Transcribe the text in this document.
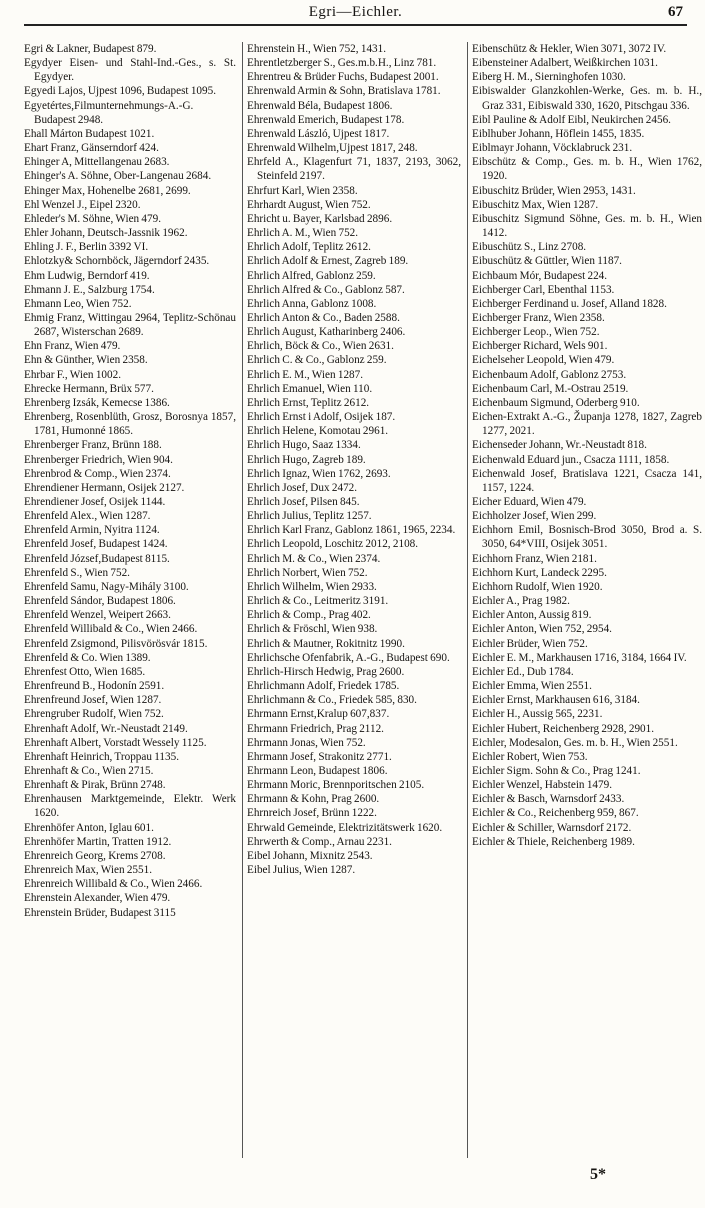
Egri—Eichler.	67
Egri & Lakner, Budapest 879.
Egydyer Eisen- und Stahl-Ind.-Ges., s. St. Egydyer.
Egyedi Lajos, Ujpest 1096, Budapest 1095.
Egyetértes,Filmunternehmungs-A.-G. Budapest 2948.
Ehall Márton Budapest 1021.
Ehart Franz, Gänserndorf 424.
Ehinger A, Mittellangenau 2683.
Ehinger's A. Söhne, Ober-Langenau 2684.
Ehinger Max, Hohenelbe 2681, 2699.
Ehl Wenzel J., Eipel 2320.
Ehleder's M. Söhne, Wien 479.
Ehler Johann, Deutsch-Jassnik 1962.
Ehling J. F., Berlin 3392 VI.
Ehlotzky& Schornböck, Jägerndorf 2435.
Ehm Ludwig, Berndorf 419.
Ehmann J. E., Salzburg 1754.
Ehmann Leo, Wien 752.
Ehmig Franz, Wittingau 2964, Teplitz-Schönau 2687, Wisterschan 2689.
Ehn Franz, Wien 479.
Ehn & Günther, Wien 2358.
Ehrbar F., Wien 1002.
Ehrecke Hermann, Brüx 577.
Ehrenberg Izsák, Kemecse 1386.
Ehrenberg, Rosenblüth, Grosz, Borosnya 1857, 1781, Humonné 1865.
Ehrenberger Franz, Brünn 188.
Ehrenberger Friedrich, Wien 904.
Ehrenbrod & Comp., Wien 2374.
Ehrendiener Hermann, Osijek 2127.
Ehrendiener Josef, Osijek 1144.
Ehrenfeld Alex., Wien 1287.
Ehrenfeld Armin, Nyitra 1124.
Ehrenfeld Josef, Budapest 1424.
Ehrenfeld József,Budapest 8115.
Ehrenfeld S., Wien 752.
Ehrenfeld Samu, Nagy-Mihály 3100.
Ehrenfeld Sándor, Budapest 1806.
Ehrenfeld Wenzel, Weipert 2663.
Ehrenfeld Willibald & Co., Wien 2466.
Ehrenfeld Zsigmond, Pilisvörösvár 1815.
Ehrenfeld & Co. Wien 1389.
Ehrenfest Otto, Wien 1685.
Ehrenfreund B., Hodonín 2591.
Ehrenfreund Josef, Wien 1287.
Ehrengruber Rudolf, Wien 752.
Ehrenhaft Adolf, Wr.-Neustadt 2149.
Ehrenhaft Albert, Vorstadt Wessely 1125.
Ehrenhaft Heinrich, Troppau 1135.
Ehrenhaft & Co., Wien 2715.
Ehrenhaft & Pirak, Brünn 2748.
Ehrenhausen Marktgemeinde, Elektr. Werk 1620.
Ehrenhöfer Anton, Iglau 601.
Ehrenhöfer Martin, Tratten 1912.
Ehrenreich Georg, Krems 2708.
Ehrenreich Max, Wien 2551.
Ehrenreich Willibald & Co., Wien 2466.
Ehrenstein Alexander, Wien 479.
Ehrenstein Brüder, Budapest 3115
Ehrenstein H., Wien 752, 1431.
Ehrentletzberger S., Ges.m.b.H., Linz 781.
Ehrentreu & Brüder Fuchs, Budapest 2001.
Ehrenwald Armin & Sohn, Bratislava 1781.
Ehrenwald Béla, Budapest 1806.
Ehrenwald Emerich, Budapest 178.
Ehrenwald László, Ujpest 1817.
Ehrenwald Wilhelm,Ujpest 1817, 248.
Ehrfeld A., Klagenfurt 71, 1837, 2193, 3062, Steinfeld 2197.
Ehrfurt Karl, Wien 2358.
Ehrhardt August, Wien 752.
Ehricht u. Bayer, Karlsbad 2896.
Ehrlich A. M., Wien 752.
Ehrlich Adolf, Teplitz 2612.
Ehrlich Adolf & Ernest, Zagreb 189.
Ehrlich Alfred, Gablonz 259.
Ehrlich Alfred & Co., Gablonz 587.
Ehrlich Anna, Gablonz 1008.
Ehrlich Anton & Co., Baden 2588.
Ehrlich August, Katharinberg 2406.
Ehrlich, Böck & Co., Wien 2631.
Ehrlich C. & Co., Gablonz 259.
Ehrlich E. M., Wien 1287.
Ehrlich Emanuel, Wien 110.
Ehrlich Ernst, Teplitz 2612.
Ehrlich Ernst i Adolf, Osijek 187.
Ehrlich Helene, Komotau 2961.
Ehrlich Hugo, Saaz 1334.
Ehrlich Hugo, Zagreb 189.
Ehrlich Ignaz, Wien 1762, 2693.
Ehrlich Josef, Dux 2472.
Ehrlich Josef, Pilsen 845.
Ehrlich Julius, Teplitz 1257.
Ehrlich Karl Franz, Gablonz 1861, 1965, 2234.
Ehrlich Leopold, Loschitz 2012, 2108.
Ehrlich M. & Co., Wien 2374.
Ehrlich Norbert, Wien 752.
Ehrlich Wilhelm, Wien 2933.
Ehrlich & Co., Leitmeritz 3191.
Ehrlich & Comp., Prag 402.
Ehrlich & Fröschl, Wien 938.
Ehrlich & Mautner, Rokitnitz 1990.
Ehrlichsche Ofenfabrik, A.-G., Budapest 690.
Ehrlich-Hirsch Hedwig, Prag 2600.
Ehrlichmann Adolf, Friedek 1785.
Ehrlichmann & Co., Friedek 585, 830.
Ehrmann Ernst,Kralup 607,837.
Ehrmann Friedrich, Prag 2112.
Ehrmann Jonas, Wien 752.
Ehrmann Josef, Strakonitz 2771.
Ehrmann Leon, Budapest 1806.
Ehrmann Moric, Brennporitschen 2105.
Ehrmann & Kohn, Prag 2600.
Ehrnreich Josef, Brünn 1222.
Ehrwald Gemeinde, Elektrizitätswerk 1620.
Ehrwerth & Comp., Arnau 2231.
Eibel Johann, Mixnitz 2543.
Eibel Julius, Wien 1287.
Eibenschütz & Hekler, Wien 3071, 3072 IV.
Eibensteiner Adalbert, Weißkirchen 1031.
Eiberg H. M., Sierninghofen 1030.
Eibiswalder Glanzkohlen-Werke, Ges. m. b. H., Graz 331, Eibiswald 330, 1620, Pitschgau 336.
Eibl Pauline & Adolf Eibl, Neukirchen 2456.
Eiblhuber Johann, Höflein 1455, 1835.
Eiblmayr Johann, Vöcklabruck 231.
Eibschütz & Comp., Ges. m. b. H., Wien 1762, 1920.
Eibuschitz Brüder, Wien 2953, 1431.
Eibuschitz Max, Wien 1287.
Eibuschitz Sigmund Söhne, Ges. m. b. H., Wien 1412.
Eibuschütz S., Linz 2708.
Eibuschütz & Güttler, Wien 1187.
Eichbaum Mór, Budapest 224.
Eichberger Carl, Ebenthal 1153.
Eichberger Ferdinand u. Josef, Alland 1828.
Eichberger Franz, Wien 2358.
Eichberger Leop., Wien 752.
Eichberger Richard, Wels 901.
Eichelseher Leopold, Wien 479.
Eichenbaum Adolf, Gablonz 2753.
Eichenbaum Carl, M.-Ostrau 2519.
Eichenbaum Sigmund, Oderberg 910.
Eichen-Extrakt A.-G., Županja 1278, 1827, Zagreb 1277, 2021.
Eichenseder Johann, Wr.-Neustadt 818.
Eichenwald Eduard jun., Csacza 1111, 1858.
Eichenwald Josef, Bratislava 1221, Csacza 141, 1157, 1224.
Eicher Eduard, Wien 479.
Eichholzer Josef, Wien 299.
Eichhorn Emil, Bosnisch-Brod 3050, Brod a. S. 3050, 64*VIII, Osijek 3051.
Eichhorn Franz, Wien 2181.
Eichhorn Kurt, Landeck 2295.
Eichhorn Rudolf, Wien 1920.
Eichler A., Prag 1982.
Eichler Anton, Aussig 819.
Eichler Anton, Wien 752, 2954.
Eichler Brüder, Wien 752.
Eichler E. M., Markhausen 1716, 3184, 1664 IV.
Eichler Ed., Dub 1784.
Eichler Emma, Wien 2551.
Eichler Ernst, Markhausen 616, 3184.
Eichler H., Aussig 565, 2231.
Eichler Hubert, Reichenberg 2928, 2901.
Eichler, Modesalon, Ges. m. b. H., Wien 2551.
Eichler Robert, Wien 753.
Eichler Sigm. Sohn & Co., Prag 1241.
Eichler Wenzel, Habstein 1479.
Eichler & Basch, Warnsdorf 2433.
Eichler & Co., Reichenberg 959, 867.
Eichler & Schiller, Warnsdorf 2172.
Eichler & Thiele, Reichenberg 1989.
5*
